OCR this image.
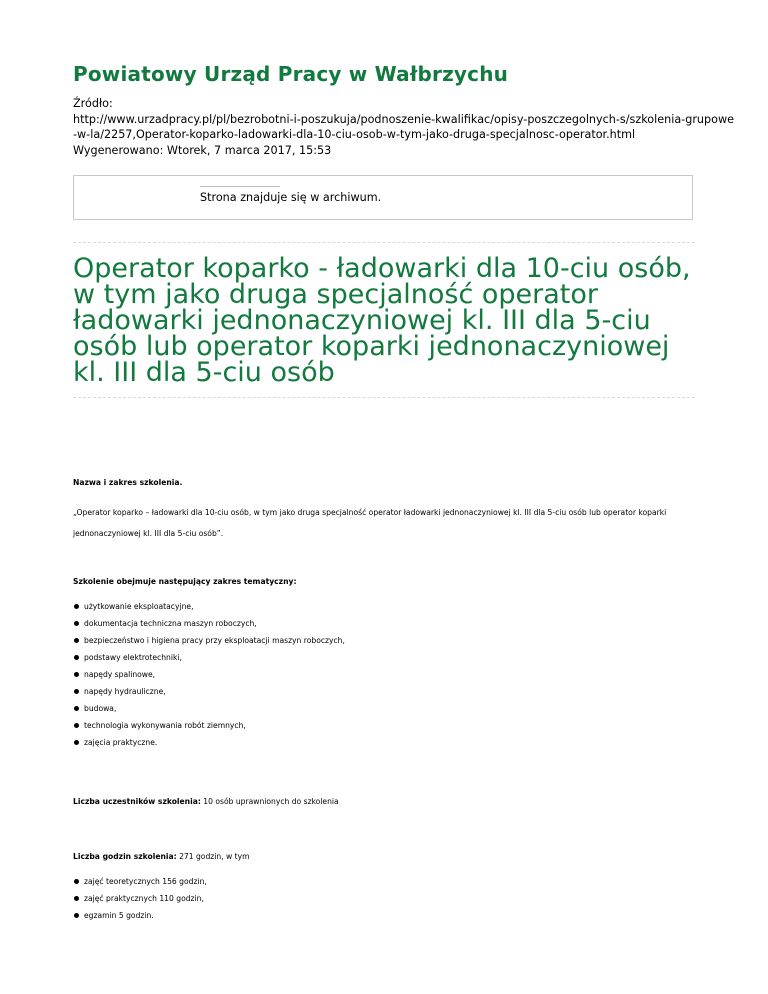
Powiatowy Urząd Pracy w Wałbrzychu
Źródło:
http://www.urzadpracy.pl/pl/bezrobotni-i-poszukuja/podnoszenie-kwalifikac/opisy-poszczegolnych-s/szkolenia-grupowe
-w-la/2257,Operator-koparko-ladowarki-dla-10-ciu-osob-w-tym-jako-druga-specjalnosc-operator.html
Wygenerowano: Wtorek, 7 marca 2017, 15:53
Strona znajduje się w archiwum.
Operator koparko - ładowarki dla 10-ciu osób, w tym jako druga specjalność operator ładowarki jednonaczyniowej kl. III dla 5-ciu osób lub operator koparki jednonaczyniowej kl. III dla 5-ciu osób
Nazwa i zakres szkolenia.
„Operator koparko – ładowarki dla 10-ciu osób, w tym jako druga specjalność operator ładowarki jednonaczyniowej kl. III dla 5-ciu osób lub operator koparki
jednonaczyniowej kl. III dla 5-ciu osób”.
Szkolenie obejmuje następujący zakres tematyczny:
użytkowanie eksploatacyjne,
dokumentacja techniczna maszyn roboczych,
bezpieczeństwo i higiena pracy przy eksploatacji maszyn roboczych,
podstawy elektrotechniki,
napędy spalinowe,
napędy hydrauliczne,
budowa,
technologia wykonywania robót ziemnych,
zajęcia praktyczne.
Liczba uczestników szkolenia: 10 osób uprawnionych do szkolenia
Liczba godzin szkolenia: 271 godzin, w tym
zajęć teoretycznych 156 godzin,
zajęć praktycznych 110 godzin,
egzamin 5 godzin.
